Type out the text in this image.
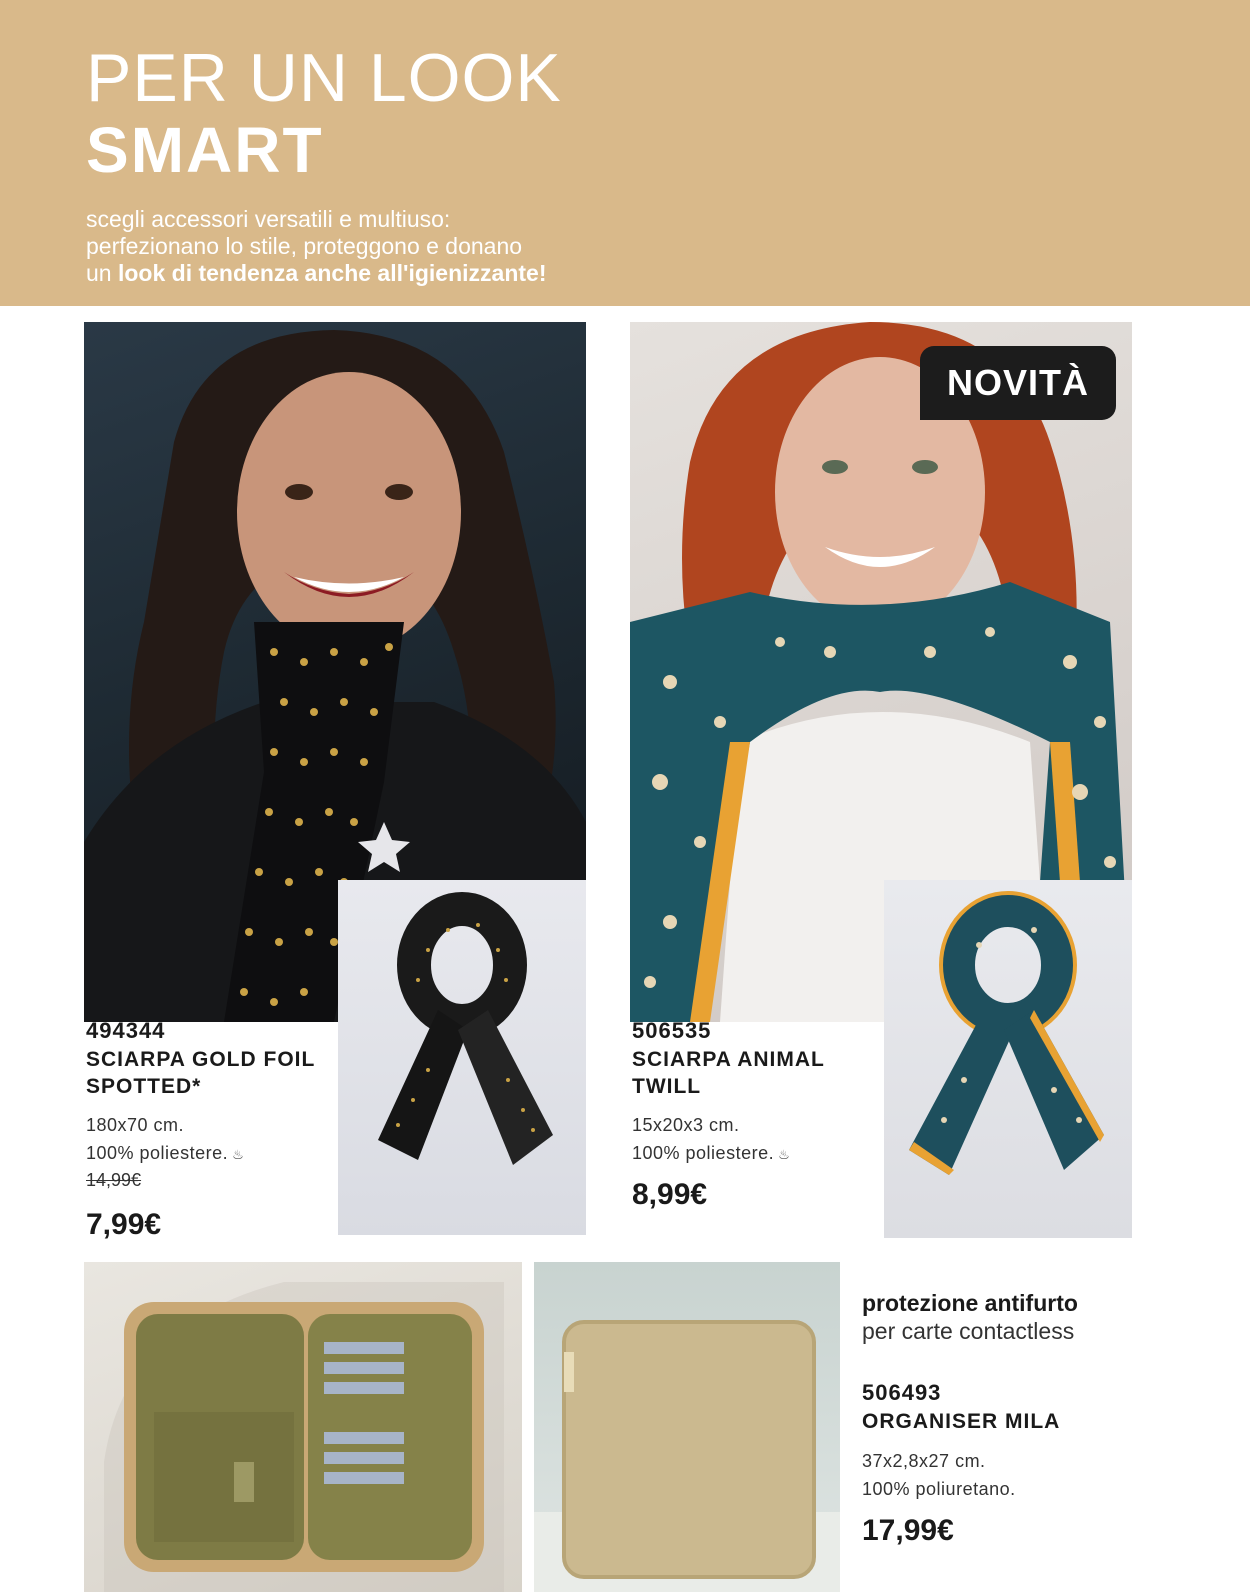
PER UN LOOK
SMART
scegli accessori versatili e multiuso:
perfezionano lo stile, proteggono e donano
un look di tendenza anche all'igienizzante!
NOVITÀ
494344
SCIARPA GOLD FOIL
SPOTTED*
180x70 cm.
100% poliestere. ♨
14,99€
7,99€
506535
SCIARPA ANIMAL
TWILL
15x20x3 cm.
100% poliestere. ♨
8,99€
protezione antifurto
per carte contactless
506493
ORGANISER MILA
37x2,8x27 cm.
100% poliuretano.
17,99€
